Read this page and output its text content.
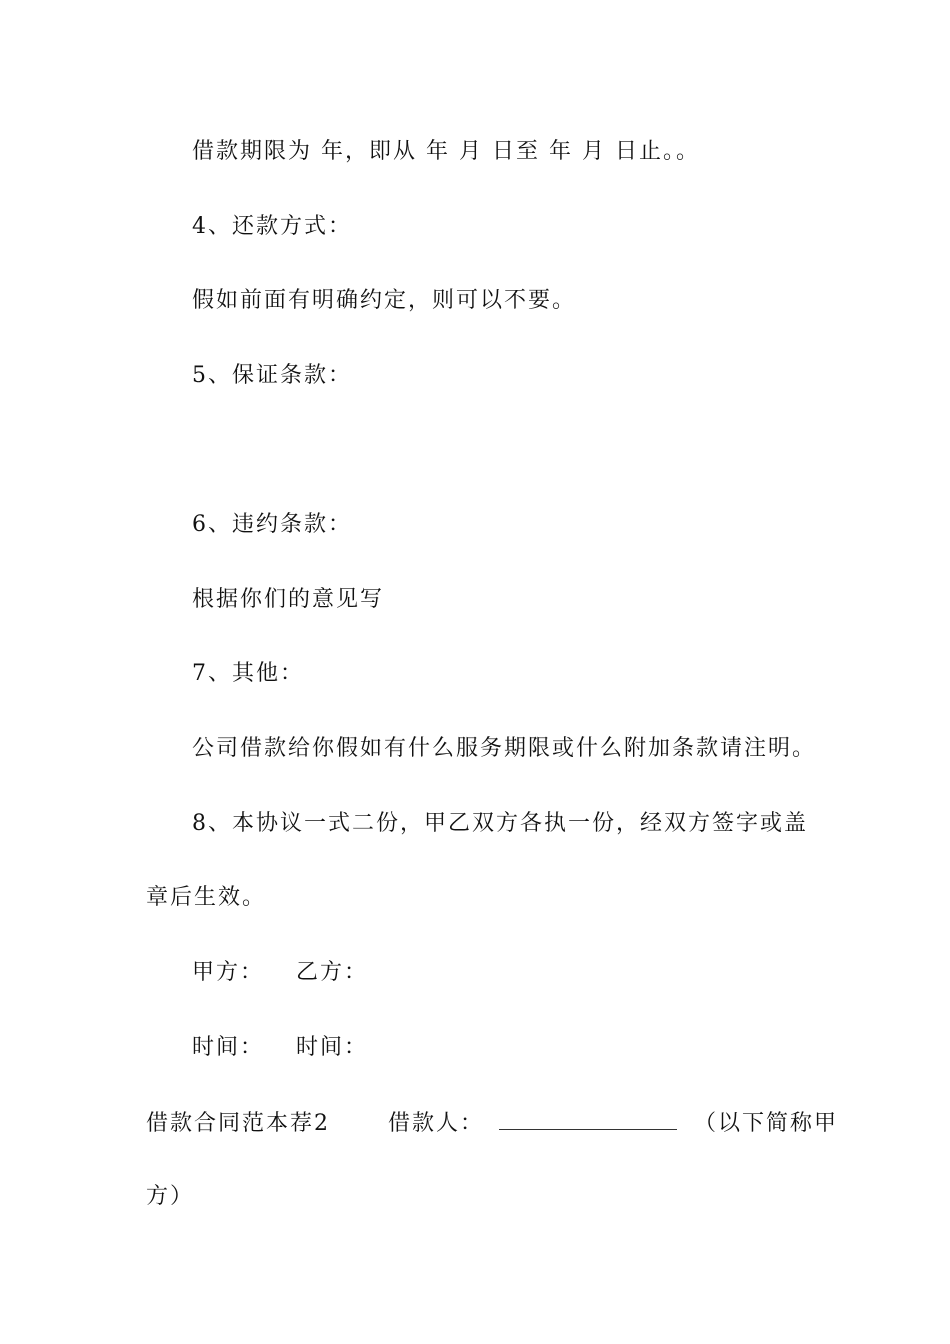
借款期限为 年，即从 年 月 日至 年 月 日止。。
4、还款方式：
假如前面有明确约定，则可以不要。
5、保证条款：
6、违约条款：
根据你们的意见写
7、其他：
公司借款给你假如有什么服务期限或什么附加条款请注明。
8、本协议一式二份，甲乙双方各执一份，经双方签字或盖
章后生效。
甲方： 乙方：
时间： 时间：
借款合同范本荐2	借款人：	（以下简称甲
方）
